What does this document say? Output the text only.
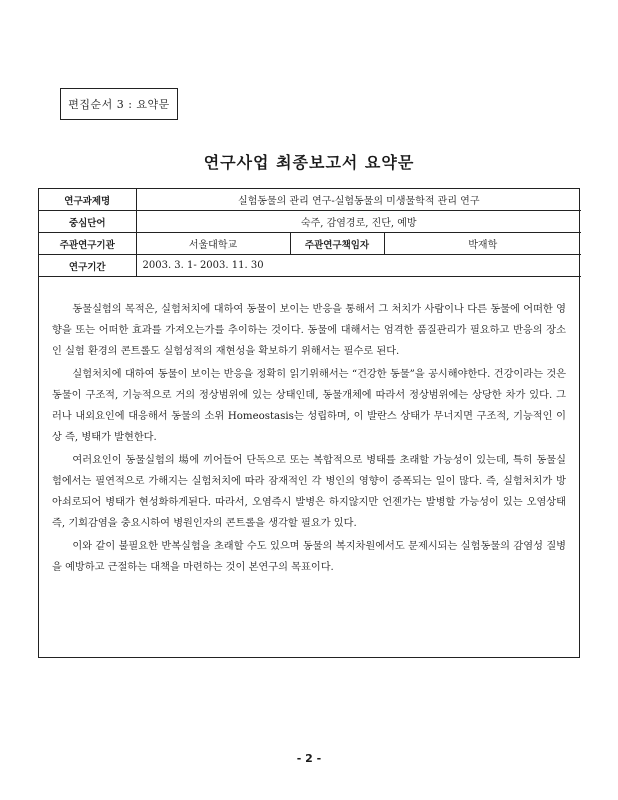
편집순서 3 : 요약문
연구사업 최종보고서 요약문
연구과제명	실험동물의 관리 연구-실험동물의 미생물학적 관리 연구		
중심단어	숙주, 감염경로, 진단, 예방		
주관연구기관	서울대학교	주관연구책임자	박재학
연구기간	2003. 3. 1- 2003. 11. 30		

동물실험의 목적은, 실험처치에 대하여 동물이 보이는 반응을 통해서 그 처치가 사람이나 다른 동물에 어떠한 영향을 또는 어떠한 효과를 가져오는가를 추이하는 것이다. 동물에 대해서는 엄격한 품질관리가 필요하고 반응의 장소인 실험 환경의 콘트롤도 실험성적의 재현성을 확보하기 위해서는 필수로 된다.

실험처치에 대하여 동물이 보이는 반응을 정확히 읽기위해서는 “건강한 동물”을 공시해야한다. 건강이라는 것은 동물이 구조적, 기능적으로 거의 정상범위에 있는 상태인데, 동물개체에 따라서 정상범위에는 상당한 차가 있다. 그러나 내외요인에 대응해서 동물의 소위 Homeostasis는 성립하며, 이 발란스 상태가 무너지면 구조적, 기능적인 이상 즉, 병태가 발현한다.

여러요인이 동물실험의 場에 끼어들어 단독으로 또는 복합적으로 병태를 초래할 가능성이 있는데, 특히 동물실험에서는 필연적으로 가해지는 실험처치에 따라 잠재적인 각 병인의 영향이 증폭되는 일이 많다. 즉, 실험처치가 방아쇠로되어 병태가 현성화하게된다. 따라서, 오염즉시 발병은 하지않지만 언젠가는 발병할 가능성이 있는 오염상태 즉, 기회감염을 충요시하여 병원인자의 콘트롤을 생각할 필요가 있다.

이와 같이 불필요한 반복실험을 초래할 수도 있으며 동물의 복지차원에서도 문제시되는 실험동물의 감염성 질병을 예방하고 근절하는 대책을 마련하는 것이 본연구의 목표이다.

- 2 -
